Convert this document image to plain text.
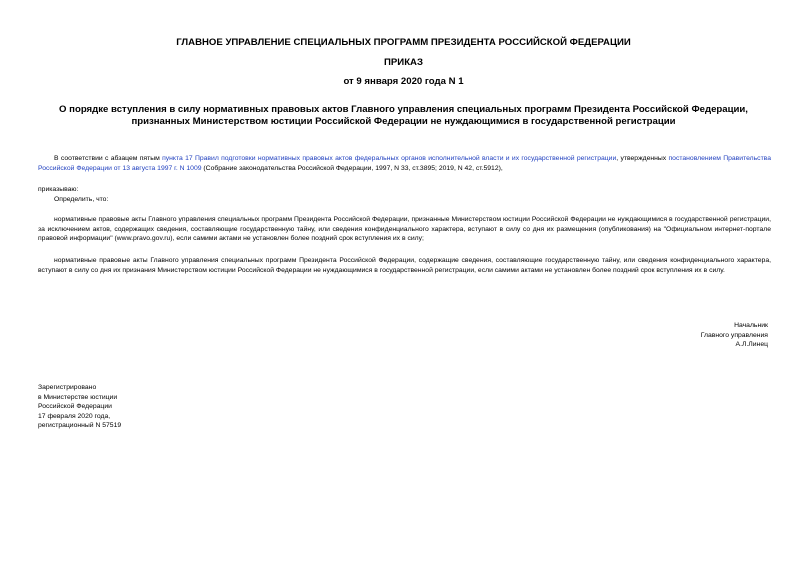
ГЛАВНОЕ УПРАВЛЕНИЕ СПЕЦИАЛЬНЫХ ПРОГРАММ ПРЕЗИДЕНТА РОССИЙСКОЙ ФЕДЕРАЦИИ

ПРИКАЗ

от 9 января 2020 года N 1

О порядке вступления в силу нормативных правовых актов Главного управления специальных программ Президента Российской Федерации, признанных Министерством юстиции Российской Федерации не нуждающимися в государственной регистрации

В соответствии с абзацем пятым пункта 17 Правил подготовки нормативных правовых актов федеральных органов исполнительной власти и их государственной регистрации, утвержденных постановлением Правительства Российской Федерации от 13 августа 1997 г. N 1009 (Собрание законодательства Российской Федерации, 1997, N 33, ст.3895; 2019, N 42, ст.5912),

приказываю:

Определить, что:

нормативные правовые акты Главного управления специальных программ Президента Российской Федерации, признанные Министерством юстиции Российской Федерации не нуждающимися в государственной регистрации, за исключением актов, содержащих сведения, составляющие государственную тайну, или сведения конфиденциального характера, вступают в силу со дня их размещения (опубликования) на "Официальном интернет-портале правовой информации" (www.pravo.gov.ru), если самими актами не установлен более поздний срок вступления их в силу;

нормативные правовые акты Главного управления специальных программ Президента Российской Федерации, содержащие сведения, составляющие государственную тайну, или сведения конфиденциального характера, вступают в силу со дня их признания Министерством юстиции Российской Федерации не нуждающимися в государственной регистрации, если самими актами не установлен более поздний срок вступления их в силу.

Начальник
Главного управления
А.Л.Линец
Зарегистрировано
в Министерстве юстиции
Российской Федерации
17 февраля 2020 года,
регистрационный N 57519
